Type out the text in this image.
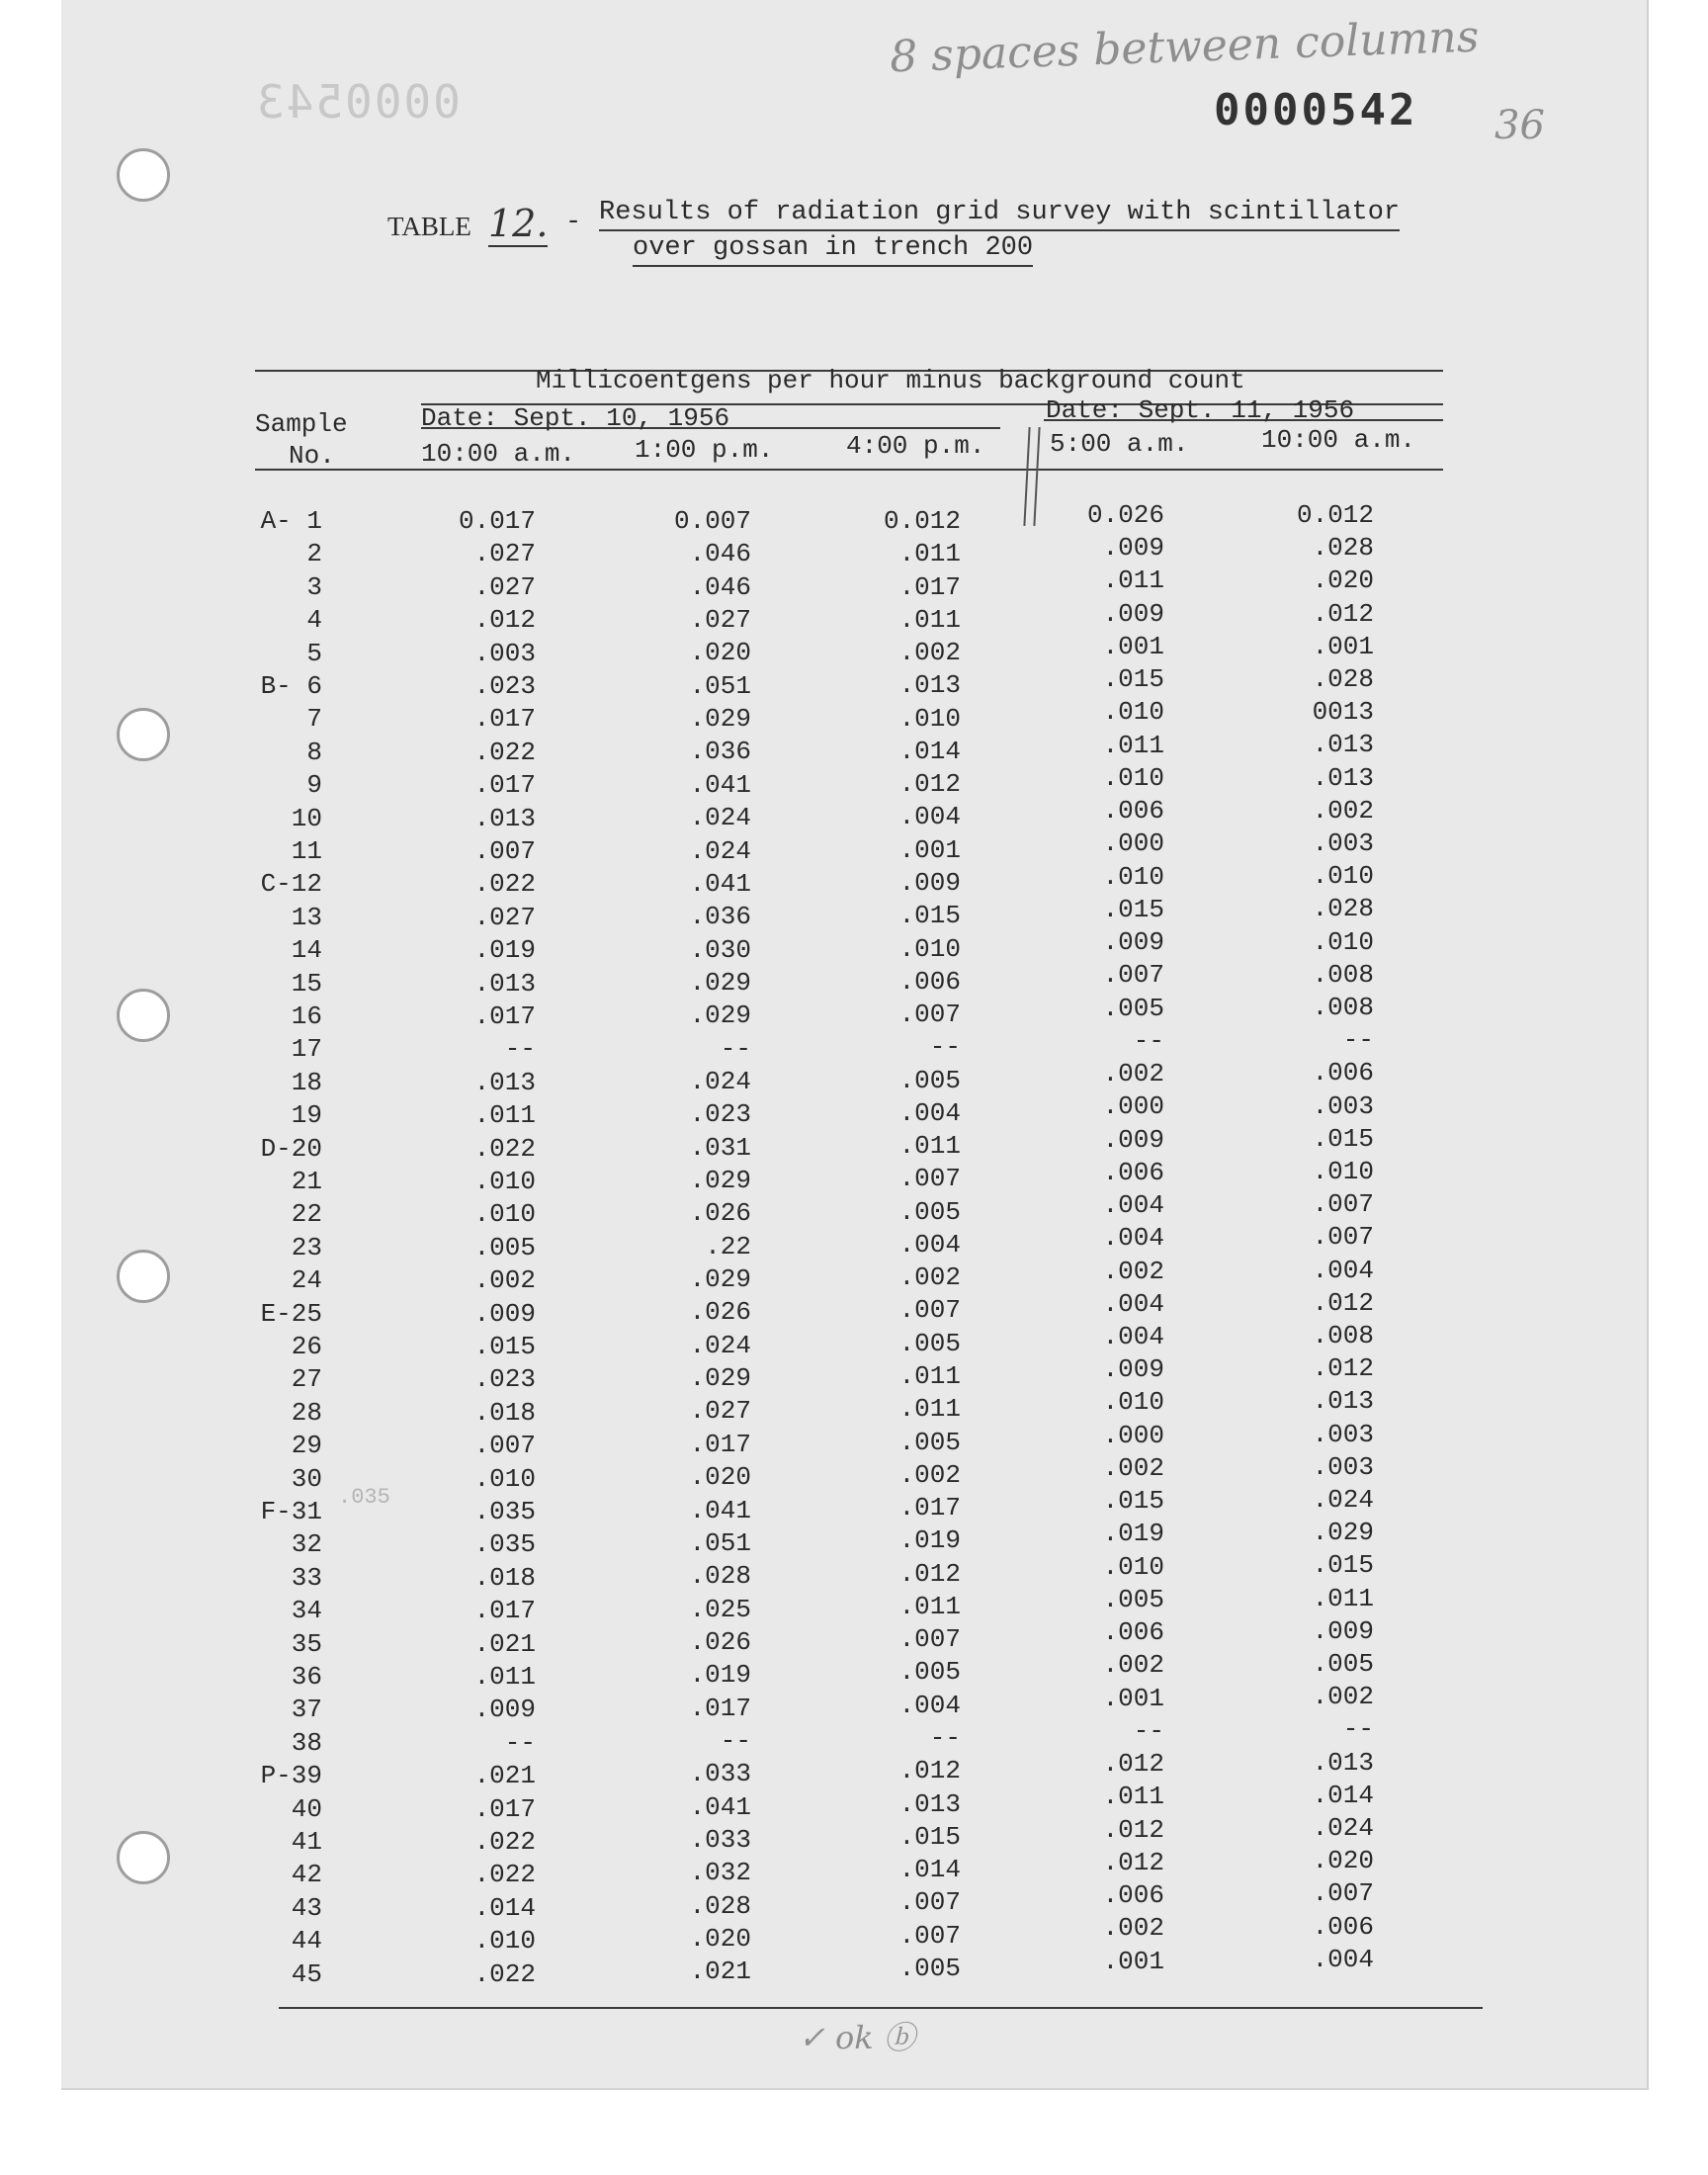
8 spaces between columns
0000543	0000542 36
TABLE 12. - Results of radiation grid survey with scintillator
over gossan in trench 200
Millicoentgens per hour minus background count
Sample
No.
Date: Sept. 10, 1956	Date: Sept. 11, 1956
10:00 a.m. 1:00 p.m.	4:00 p.m.	5:00 a.m.	10:00 a.m.
A- 1	0.017	0.007	0.012	0.026	0.012
2	.027	.046	.011	.009	.028
3	.027	.046	.017	.011	.020
4	.012	.027	.011	.009	.012
5	.003	.020	.002	.001	.001
B- 6	.023	.051	.013	.015	.028
7	.017	.029	.010	.010	0013
8	.022	.036	.014	.011	.013
9	.017	.041	.012	.010	.013
10	.013	.024	.004	.006	.002
11	.007	.024	.001	.000	.003
C-12	.022	.041	.009	.010	.010
13	.027	.036	.015	.015	.028
14	.019	.030	.010	.009	.010
15	.013	.029	.006	.007	.008
16	.017	.029	.007	.005	.008
17	--	--	--	--	--
18	.013	.024	.005	.002	.006
19	.011	.023	.004	.000	.003
D-20	.022	.031	.011	.009	.015
21	.010	.029	.007	.006	.010
22	.010	.026	.005	.004	.007
23	.005	.22	.004	.004	.007
24	.002	.029	.002	.002	.004
E-25	.009	.026	.007	.004	.012
26	.015	.024	.005	.004	.008
27	.023	.029	.011	.009	.012
28	.018	.027	.011	.010	.013
29	.007	.017	.005	.000	.003
30	.010	.020	.002	.002	.003
F-31	.035	.041	.017	.015	.024
32	.035	.051	.019	.019	.029
33	.018	.028	.012	.010	.015
34	.017	.025	.011	.005	.011
35	.021	.026	.007	.006	.009
36	.011	.019	.005	.002	.005
37	.009	.017	.004	.001	.002
38	--	--	--	--	--
P-39	.021	.033	.012	.012	.013
40	.017	.041	.013	.011	.014
41	.022	.033	.015	.012	.024
42	.022	.032	.014	.012	.020
43	.014	.028	.007	.006	.007
44	.010	.020	.007	.002	.006
45	.022	.021	.005	.001	.004
.035
✓ ok ⓑ
